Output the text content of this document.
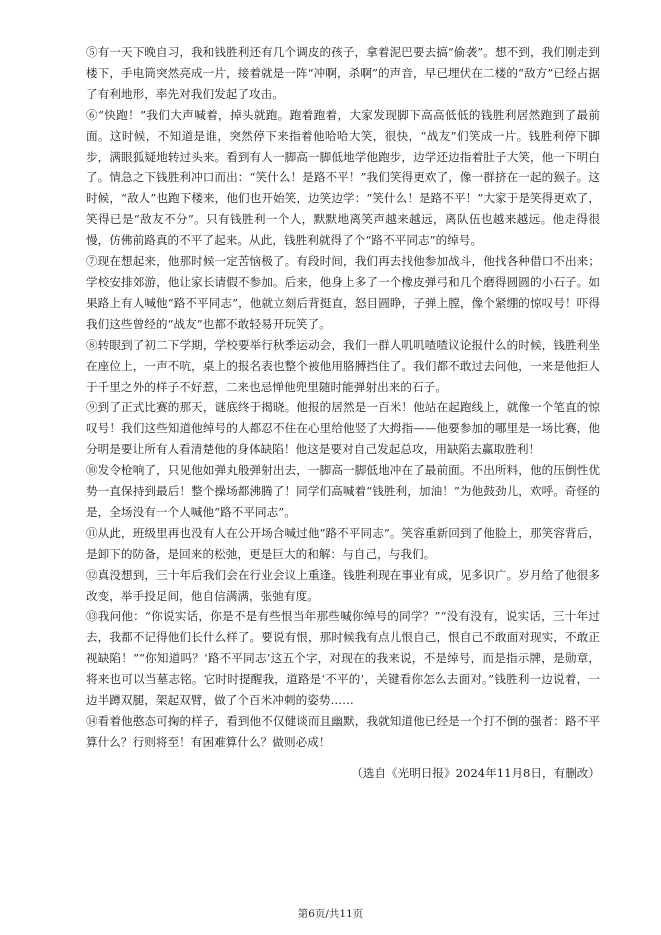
⑤有一天下晚自习，我和钱胜利还有几个调皮的孩子，拿着泥巴要去搞“偷袭”。想不到，我们刚走到楼下，手电筒突然亮成一片，接着就是一阵“冲啊，杀啊”的声音，早已埋伏在二楼的“敌方”已经占据了有利地形，率先对我们发起了攻击。

⑥“快跑！”我们大声喊着，掉头就跑。跑着跑着，大家发现脚下高高低低的钱胜利居然跑到了最前面。这时候，不知道是谁，突然停下来指着他哈哈大笑，很快，“战友”们笑成一片。钱胜利停下脚步，满眼狐疑地转过头来。看到有人一脚高一脚低地学他跑步，边学还边指着肚子大笑，他一下明白了。情急之下钱胜利冲口而出：“笑什么！是路不平！”我们笑得更欢了，像一群挤在一起的猴子。这时候，“敌人”也跑下楼来，他们也开始笑，边笑边学：“笑什么！是路不平！”大家于是笑得更欢了，笑得已是“敌友不分”。只有钱胜利一个人，默默地离笑声越来越远，离队伍也越来越远。他走得很慢，仿佛前路真的不平了起来。从此，钱胜利就得了个“路不平同志”的绰号。

⑦现在想起来，他那时候一定苦恼极了。有段时间，我们再去找他参加战斗，他找各种借口不出来；学校安排郊游，他让家长请假不参加。后来，他身上多了一个橡皮弹弓和几个磨得圆圆的小石子。如果路上有人喊他“路不平同志”，他就立刻后背挺直，怒目圆睁，子弹上膛，像个紧绷的惊叹号！吓得我们这些曾经的“战友”也都不敢轻易开玩笑了。

⑧转眼到了初二下学期，学校要举行秋季运动会，我们一群人叽叽喳喳议论报什么的时候，钱胜利坐在座位上，一声不吭，桌上的报名表也整个被他用胳膊挡住了。我们都不敢过去问他，一来是他拒人于千里之外的样子不好惹，二来也忌惮他兜里随时能弹射出来的石子。

⑨到了正式比赛的那天，谜底终于揭晓。他报的居然是一百米！他站在起跑线上，就像一个笔直的惊叹号！我们这些知道他绰号的人都忍不住在心里给他竖了大拇指——他要参加的哪里是一场比赛，他分明是要让所有人看清楚他的身体缺陷！他这是要对自己发起总攻，用缺陷去赢取胜利！

⑩发令枪响了，只见他如弹丸般弹射出去，一脚高一脚低地冲在了最前面。不出所料，他的压倒性优势一直保持到最后！整个操场都沸腾了！同学们高喊着“钱胜利，加油！”为他鼓劲儿，欢呼。奇怪的是，全场没有一个人喊他“路不平同志”。

⑪从此，班级里再也没有人在公开场合喊过他“路不平同志”。笑容重新回到了他脸上，那笑容背后，是卸下的防备，是回来的松弛，更是巨大的和解：与自己，与我们。

⑫真没想到，三十年后我们会在行业会议上重逢。钱胜利现在事业有成，见多识广。岁月给了他很多改变，举手投足间，他自信满满，张弛有度。

⑬我问他：“你说实话，你是不是有些恨当年那些喊你绰号的同学？”“没有没有，说实话，三十年过去，我都不记得他们长什么样了。要说有恨，那时候我有点儿恨自己，恨自己不敢面对现实，不敢正视缺陷！”“你知道吗？‘路不平同志’这五个字，对现在的我来说，不是绰号，而是指示牌，是勋章，将来也可以当墓志铭。它时时提醒我，道路是‘不平的’，关键看你怎么去面对。”钱胜利一边说着，一边半蹲双腿，架起双臂，做了个百米冲刺的姿势……

⑭看着他憨态可掬的样子，看到他不仅健谈而且幽默，我就知道他已经是一个打不倒的强者：路不平算什么？行则将至！有困难算什么？做则必成！

（选自《光明日报》2024年11月8日，有删改）

第6页/共11页
